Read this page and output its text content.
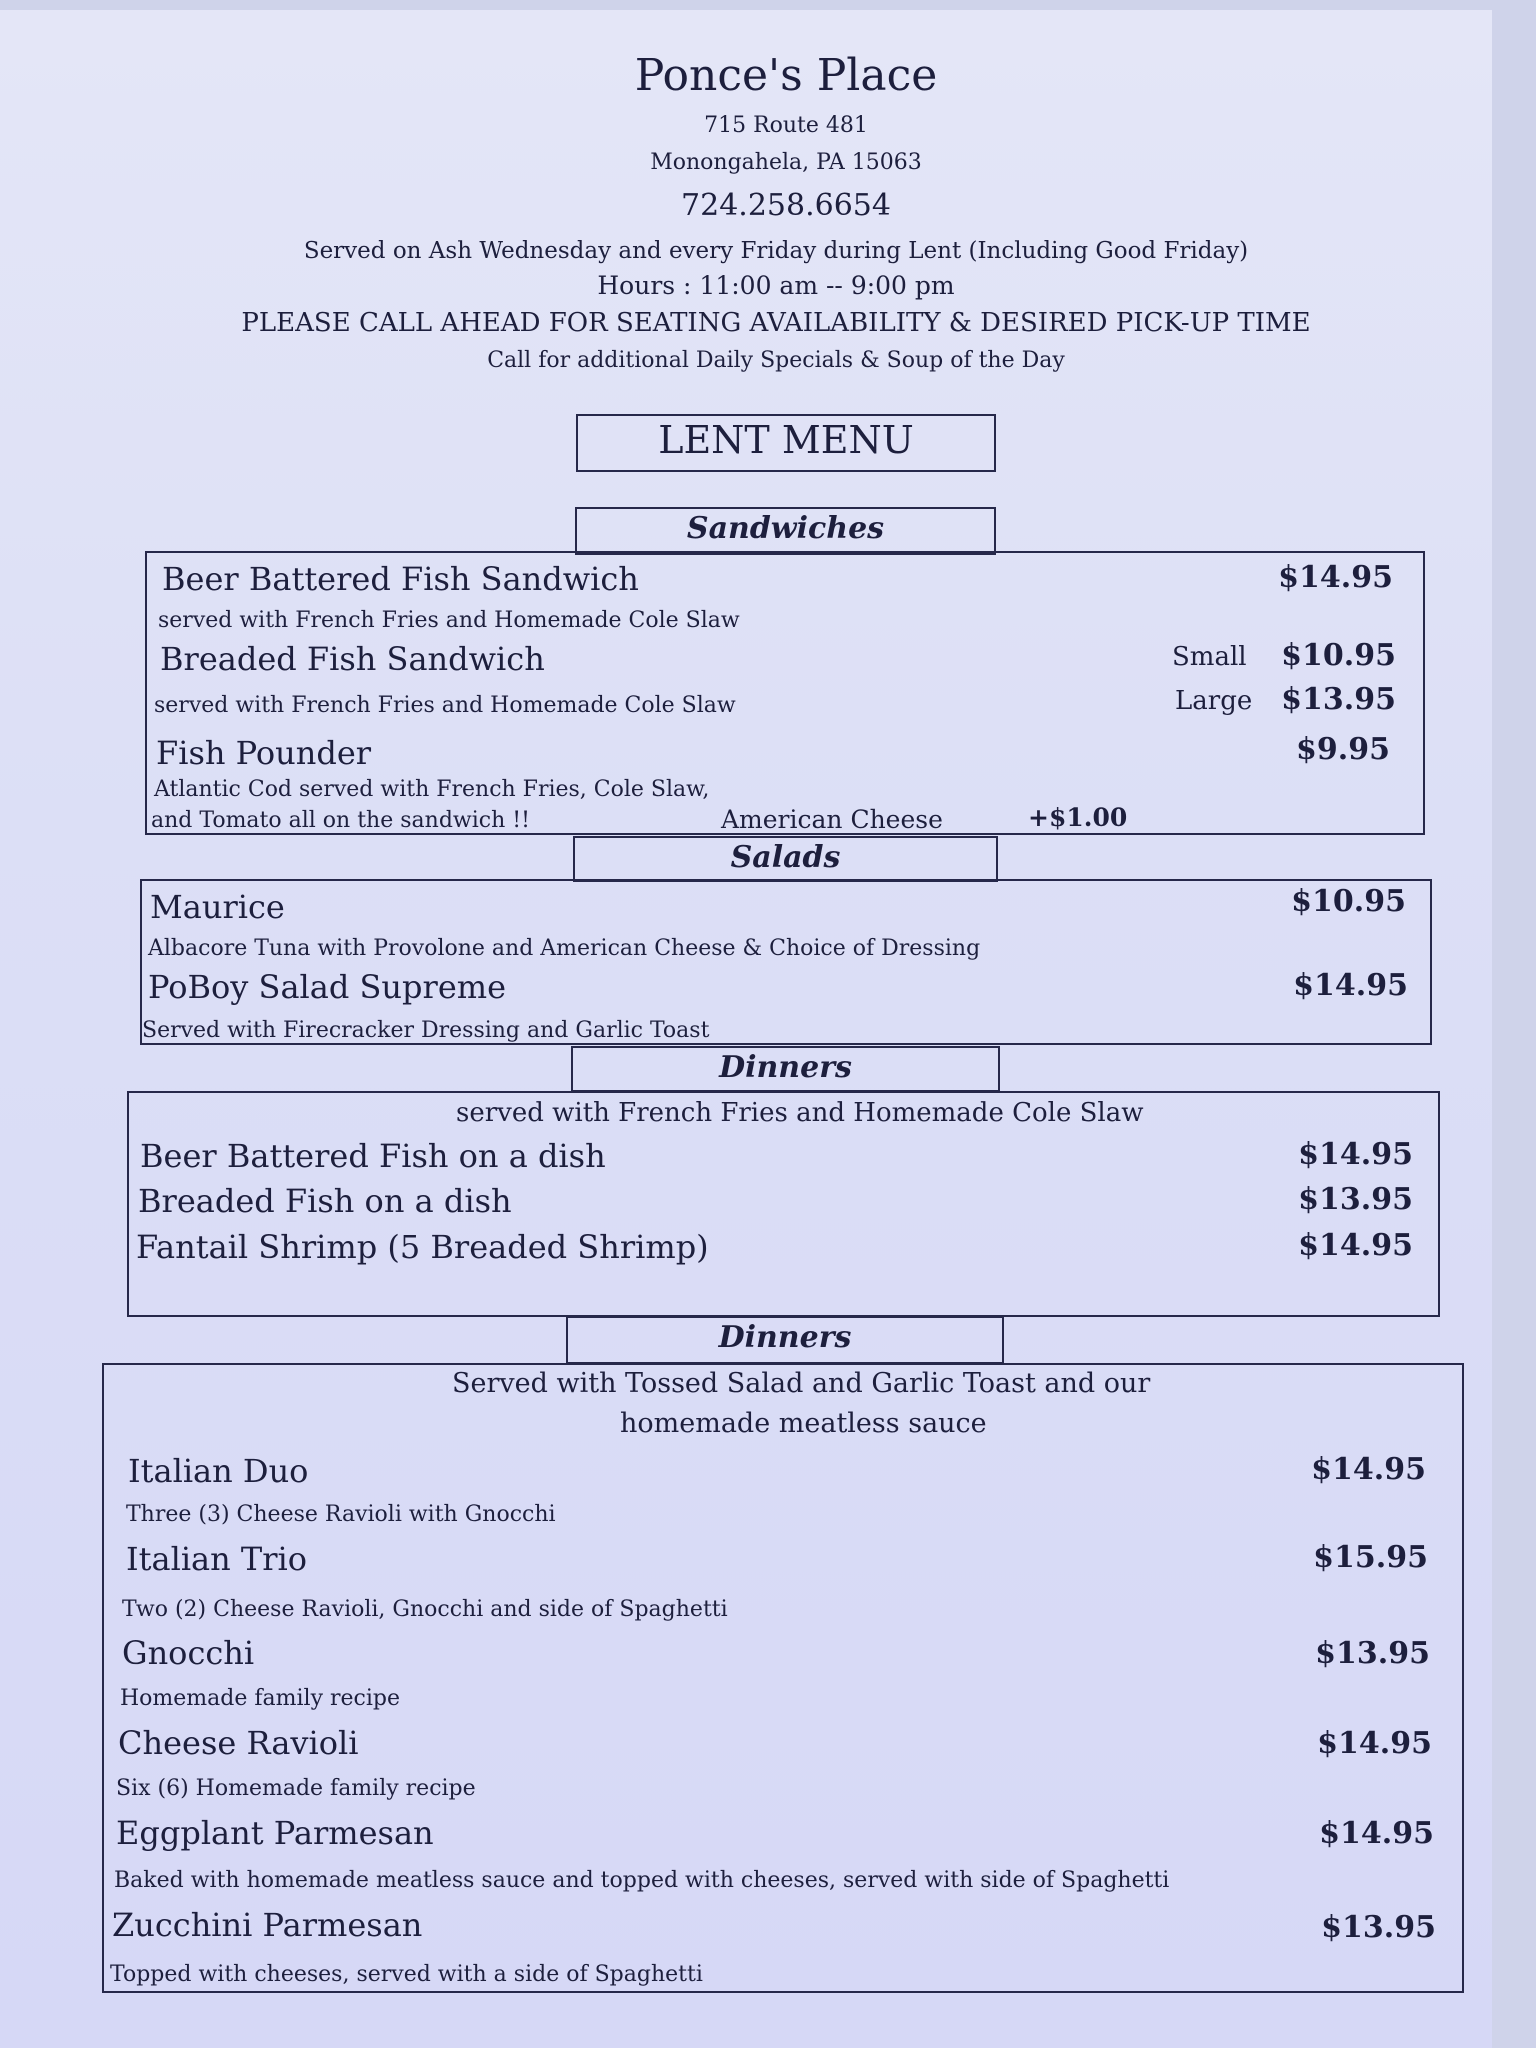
Ponce's Place
715 Route 481
Monongahela, PA 15063
724.258.6654
Served on Ash Wednesday and every Friday during Lent (Including Good Friday)
Hours : 11:00 am -- 9:00 pm
PLEASE CALL AHEAD FOR SEATING AVAILABILITY & DESIRED PICK-UP TIME
Call for additional Daily Specials & Soup of the Day
LENT MENU
Sandwiches
Beer Battered Fish Sandwich	$14.95
served with French Fries and Homemade Cole Slaw
Breaded Fish Sandwich	Small	$10.95
served with French Fries and Homemade Cole Slaw	Large $13.95
Fish Pounder	$9.95
Atlantic Cod served with French Fries, Cole Slaw,
and Tomato all on the sandwich !!	American Cheese	+$1.00
Salads
Maurice	$10.95
Albacore Tuna with Provolone and American Cheese & Choice of Dressing
PoBoy Salad Supreme	$14.95
Served with Firecracker Dressing and Garlic Toast
Dinners
served with French Fries and Homemade Cole Slaw
Beer Battered Fish on a dish	$14.95
Breaded Fish on a dish	$13.95
Fantail Shrimp (5 Breaded Shrimp)	$14.95
Dinners
Served with Tossed Salad and Garlic Toast and our
homemade meatless sauce
Italian Duo	$14.95
Three (3) Cheese Ravioli with Gnocchi
Italian Trio	$15.95
Two (2) Cheese Ravioli, Gnocchi and side of Spaghetti
Gnocchi	$13.95
Homemade family recipe
Cheese Ravioli	$14.95
Six (6) Homemade family recipe
Eggplant Parmesan	$14.95
Baked with homemade meatless sauce and topped with cheeses, served with side of Spaghetti
Zucchini Parmesan	$13.95
Topped with cheeses, served with a side of Spaghetti
